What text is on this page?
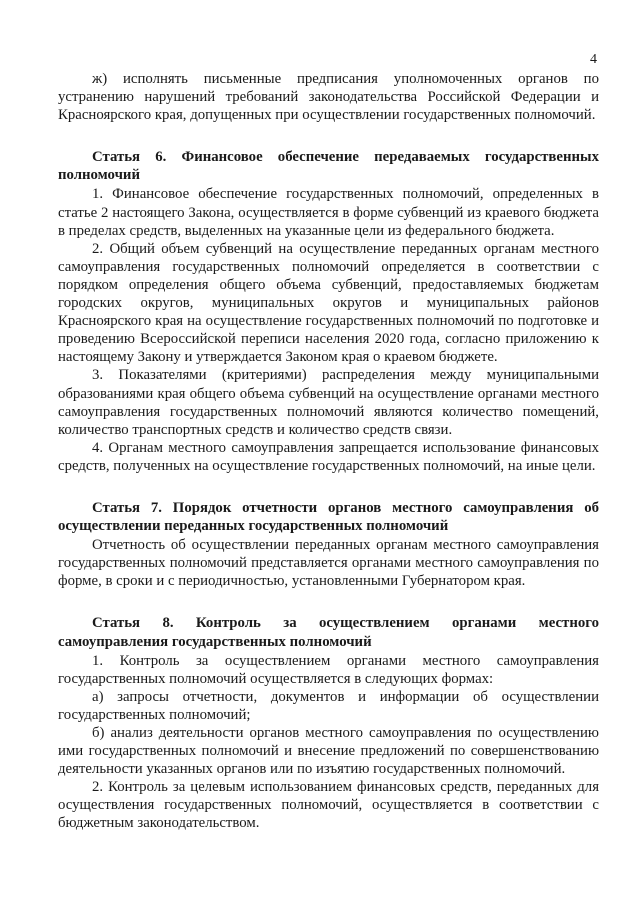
4

ж) исполнять письменные предписания уполномоченных органов по устранению нарушений требований законодательства Российской Федерации и Красноярского края, допущенных при осуществлении государственных полномочий.

Статья 6. Финансовое обеспечение передаваемых государственных полномочий

1. Финансовое обеспечение государственных полномочий, определенных в статье 2 настоящего Закона, осуществляется в форме субвенций из краевого бюджета в пределах средств, выделенных на указанные цели из федерального бюджета.

2. Общий объем субвенций на осуществление переданных органам местного самоуправления государственных полномочий определяется в соответствии с порядком определения общего объема субвенций, предоставляемых бюджетам городских округов, муниципальных округов и муниципальных районов Красноярского края на осуществление государственных полномочий по подготовке и проведению Всероссийской переписи населения 2020 года, согласно приложению к настоящему Закону и утверждается Законом края о краевом бюджете.

3. Показателями (критериями) распределения между муниципальными образованиями края общего объема субвенций на осуществление органами местного самоуправления государственных полномочий являются количество помещений, количество транспортных средств и количество средств связи.

4. Органам местного самоуправления запрещается использование финансовых средств, полученных на осуществление государственных полномочий, на иные цели.

Статья 7. Порядок отчетности органов местного самоуправления об осуществлении переданных государственных полномочий

Отчетность об осуществлении переданных органам местного самоуправления государственных полномочий представляется органами местного самоуправления по форме, в сроки и с периодичностью, установленными Губернатором края.

Статья 8. Контроль за осуществлением органами местного самоуправления государственных полномочий

1. Контроль за осуществлением органами местного самоуправления государственных полномочий осуществляется в следующих формах:

а) запросы отчетности, документов и информации об осуществлении государственных полномочий;

б) анализ деятельности органов местного самоуправления по осуществлению ими государственных полномочий и внесение предложений по совершенствованию деятельности указанных органов или по изъятию государственных полномочий.

2. Контроль за целевым использованием финансовых средств, переданных для осуществления государственных полномочий, осуществляется в соответствии с бюджетным законодательством.
